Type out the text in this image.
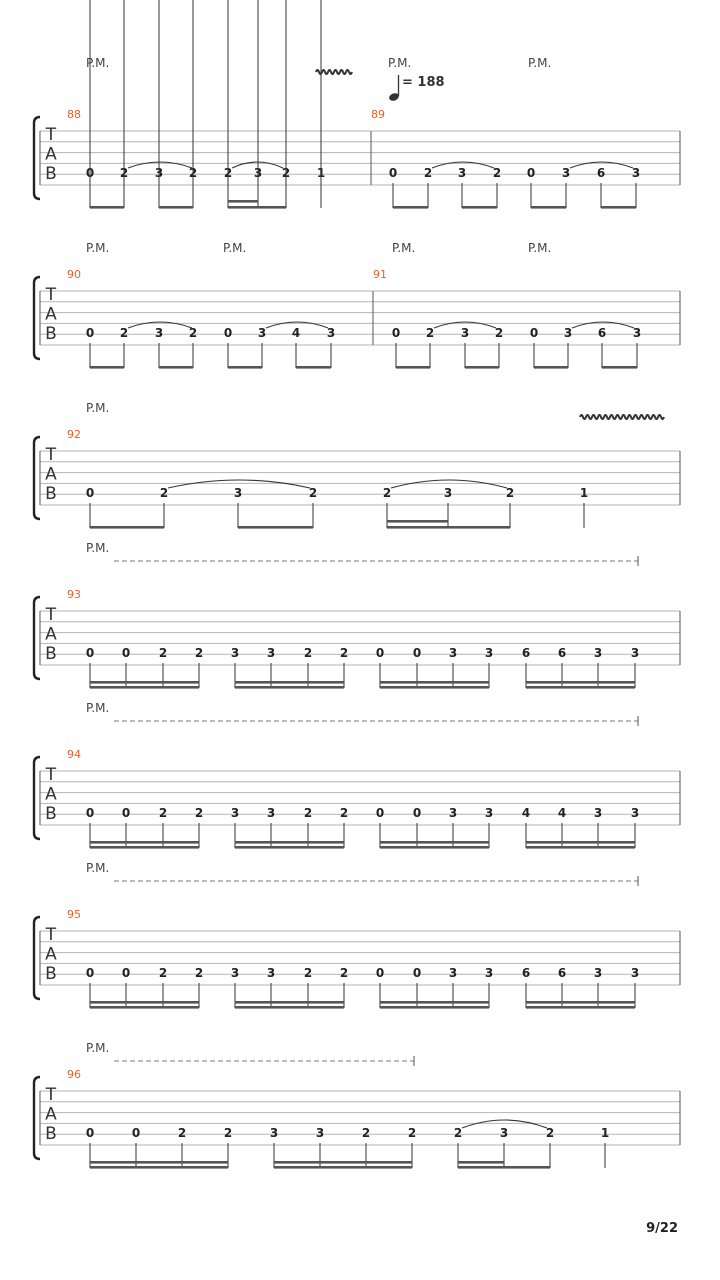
T
A
B
T
A
B
T
A
B
T
A
B
T
A
B
T
A
B
T
A
B
88	89
P.M.	P.M.	P.M.
= 188
0 2 3 2 2 3 2 1	0 2 3 2 0 3 6 3
90	91
P.M.	P.M.	P.M.	P.M.
0 2 3 2 0 3 4 3	0 2 3 2 0 3 6 3
92
P.M.
0	2	3	2	2	3	2	1
93
P.M.
0 0 2 2 3 3 2 2 0 0 3 3 6 6 3 3
94
P.M.
0 0 2 2 3 3 2 2 0 0 3 3 4 4 3 3
95
P.M.
0 0 2 2 3 3 2 2 0 0 3 3 6 6 3 3
96
P.M.
0	0	2	2	3	3	2	2	2	3	2	1
9/22
